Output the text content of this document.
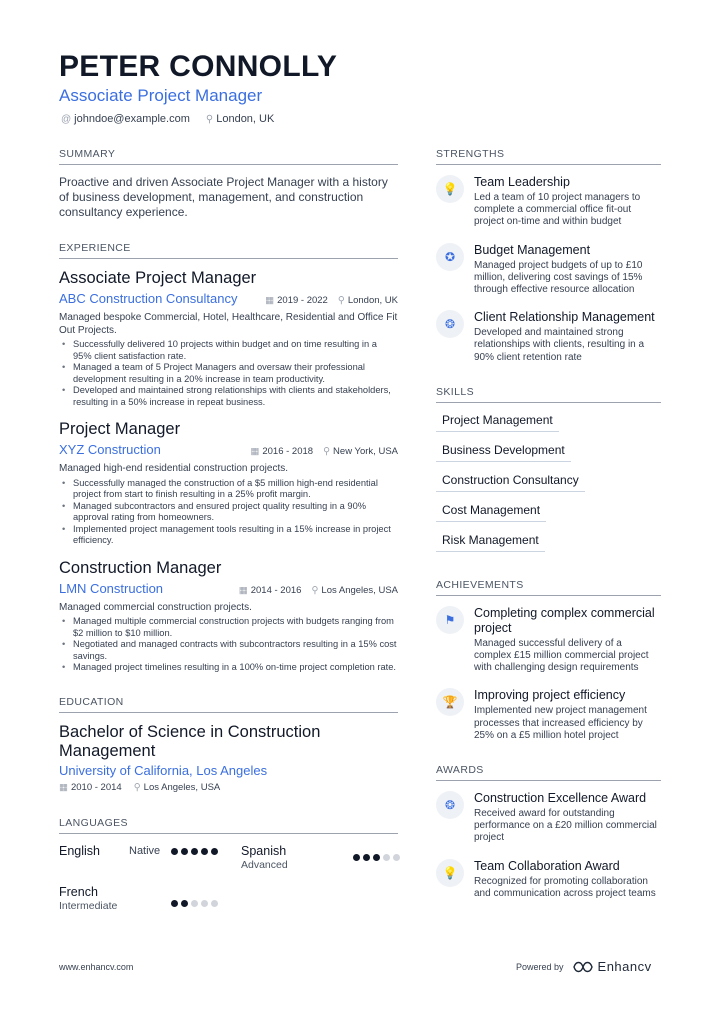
PETER CONNOLLY
Associate Project Manager
@ johndoe@example.com ⚲ London, UK
SUMMARY
Proactive and driven Associate Project Manager with a history of business development, management, and construction consultancy experience.
EXPERIENCE
Associate Project Manager
ABC Construction Consultancy	▦ 2019 - 2022 ⚲ London, UK
Managed bespoke Commercial, Hotel, Healthcare, Residential and Office Fit Out Projects.
• Successfully delivered 10 projects within budget and on time resulting in a 95% client satisfaction rate.
• Managed a team of 5 Project Managers and oversaw their professional development resulting in a 20% increase in team productivity.
• Developed and maintained strong relationships with clients and stakeholders, resulting in a 50% increase in repeat business.
Project Manager
XYZ Construction	▦ 2016 - 2018 ⚲ New York, USA
Managed high-end residential construction projects.
• Successfully managed the construction of a $5 million high-end residential project from start to finish resulting in a 25% profit margin.
• Managed subcontractors and ensured project quality resulting in a 90% approval rating from homeowners.
• Implemented project management tools resulting in a 15% increase in project efficiency.
Construction Manager
LMN Construction	▦ 2014 - 2016 ⚲ Los Angeles, USA
Managed commercial construction projects.
• Managed multiple commercial construction projects with budgets ranging from $2 million to $10 million.
• Negotiated and managed contracts with subcontractors resulting in a 15% cost savings.
• Managed project timelines resulting in a 100% on-time project completion rate.
EDUCATION
Bachelor of Science in Construction Management
University of California, Los Angeles
▦ 2010 - 2014 ⚲ Los Angeles, USA
LANGUAGES
English	Native	Spanish
Advanced
French
Intermediate
STRENGTHS
💡	Team Leadership
Led a team of 10 project managers to complete a commercial office fit-out project on-time and within budget
✪	Budget Management
Managed project budgets of up to £10 million, delivering cost savings of 15% through effective resource allocation
❂	Client Relationship Management
Developed and maintained strong relationships with clients, resulting in a 90% client retention rate
SKILLS
Project Management
Business Development
Construction Consultancy
Cost Management
Risk Management
ACHIEVEMENTS
⚑	Completing complex commercial project
Managed successful delivery of a complex £15 million commercial project with challenging design requirements
🏆	Improving project efficiency
Implemented new project management processes that increased efficiency by 25% on a £5 million hotel project
AWARDS
❂	Construction Excellence Award
Received award for outstanding performance on a £20 million commercial project
💡	Team Collaboration Award
Recognized for promoting collaboration and communication across project teams
www.enhancv.com	Powered by	Enhancv
